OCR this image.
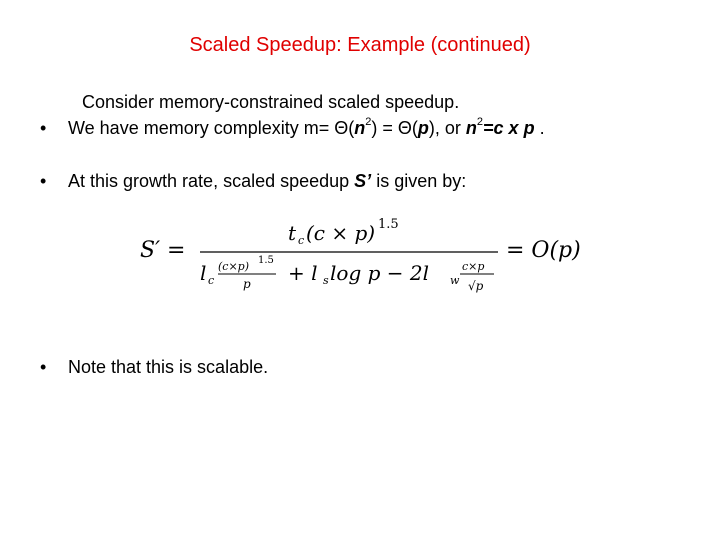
Scaled Speedup: Example (continued)
Consider memory-constrained scaled speedup.
• We have memory complexity $m= \Theta(n^2) = \Theta(p)$, or $n^2=c$ x p .
• At this growth rate, scaled speedup S’ is given by:
S′ =
t c (c × p) 1.5
l c
(c×p) 1.5
p + l s log p − 2l w
c×p
√p
= O(p)
• Note that this is scalable.
